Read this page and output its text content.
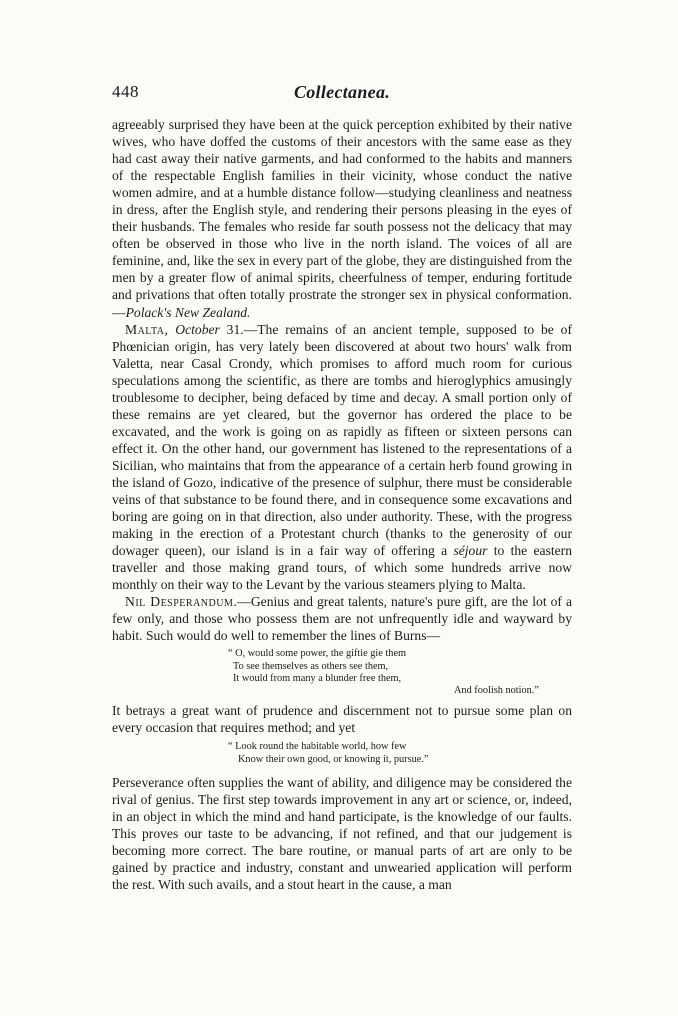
448	Collectanea.

agreeably surprised they have been at the quick perception exhibited by their native wives, who have doffed the customs of their ancestors with the same ease as they had cast away their native garments, and had conformed to the habits and manners of the respectable English families in their vicinity, whose conduct the native women admire, and at a humble distance follow—studying cleanliness and neatness in dress, after the English style, and rendering their persons pleasing in the eyes of their husbands. The females who reside far south possess not the delicacy that may often be observed in those who live in the north island. The voices of all are feminine, and, like the sex in every part of the globe, they are distinguished from the men by a greater flow of animal spirits, cheerfulness of temper, enduring fortitude and privations that often totally prostrate the stronger sex in physical conformation.—Polack's New Zealand.

Malta, October 31.—The remains of an ancient temple, supposed to be of Phœnician origin, has very lately been discovered at about two hours' walk from Valetta, near Casal Crondy, which promises to afford much room for curious speculations among the scientific, as there are tombs and hieroglyphics amusingly troublesome to decipher, being defaced by time and decay. A small portion only of these remains are yet cleared, but the governor has ordered the place to be excavated, and the work is going on as rapidly as fifteen or sixteen persons can effect it. On the other hand, our government has listened to the representations of a Sicilian, who maintains that from the appearance of a certain herb found growing in the island of Gozo, indicative of the presence of sulphur, there must be considerable veins of that substance to be found there, and in consequence some excavations and boring are going on in that direction, also under authority. These, with the progress making in the erection of a Protestant church (thanks to the generosity of our dowager queen), our island is in a fair way of offering a séjour to the eastern traveller and those making grand tours, of which some hundreds arrive now monthly on their way to the Levant by the various steamers plying to Malta.

Nil Desperandum.—Genius and great talents, nature's pure gift, are the lot of a few only, and those who possess them are not unfrequently idle and wayward by habit. Such would do well to remember the lines of Burns—

“ O, would some power, the giftie gie them
To see themselves as others see them,
It would from many a blunder free them,
And foolish notion.”

It betrays a great want of prudence and discernment not to pursue some plan on every occasion that requires method; and yet

“ Look round the habitable world, how few
Know their own good, or knowing it, pursue.”

Perseverance often supplies the want of ability, and diligence may be considered the rival of genius. The first step towards improvement in any art or science, or, indeed, in an object in which the mind and hand participate, is the knowledge of our faults. This proves our taste to be advancing, if not refined, and that our judgement is becoming more correct. The bare routine, or manual parts of art are only to be gained by practice and industry, constant and unwearied application will perform the rest. With such avails, and a stout heart in the cause, a man
